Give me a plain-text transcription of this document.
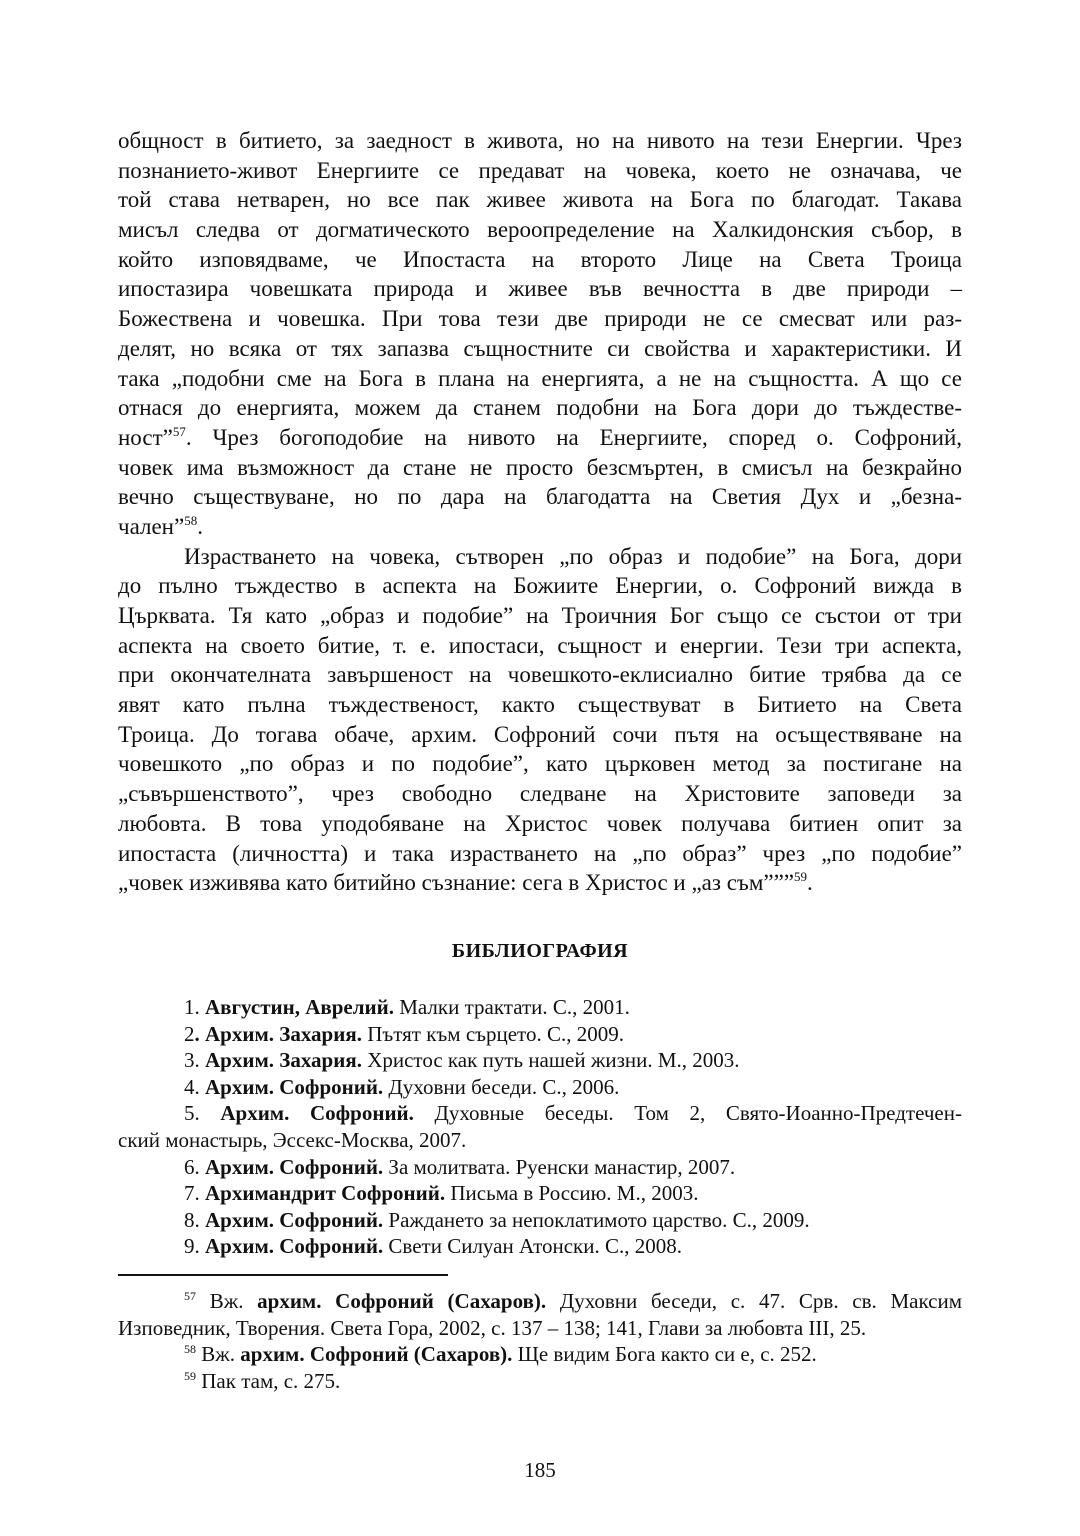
общност в битието, за заедност в живота, но на нивото на тези Енергии. Чрез
познанието-живот Енергиите се предават на човека, което не означава, че
той става нетварен, но все пак живее живота на Бога по благодат. Такава
мисъл следва от догматическото вероопределение на Халкидонския събор, в
който изповядваме, че Ипостаста на второто Лице на Света Троица
ипостазира човешката природа и живее във вечността в две природи –
Божествена и човешка. При това тези две природи не се смесват или раз-
делят, но всяка от тях запазва същностните си свойства и характеристики. И
така „подобни сме на Бога в плана на енергията, а не на същността. А що се
отнася до енергията, можем да станем подобни на Бога дори до тъждестве-
ност”$^{57}$. Чрез богоподобие на нивото на Енергиите, според о. Софроний,
човек има възможност да стане не просто безсмъртен, в смисъл на безкрайно
вечно съществуване, но по дара на благодатта на Светия Дух и „безна-
чален”$^{58}$.
Израстването на човека, сътворен „по образ и подобие” на Бога, дори
до пълно тъждество в аспекта на Божиите Енергии, о. Софроний вижда в
Църквата. Тя като „образ и подобие” на Троичния Бог също се състои от три
аспекта на своето битие, т. е. ипостаси, същност и енергии. Тези три аспекта,
при окончателната завършеност на човешкото-еклисиално битие трябва да се
явят като пълна тъждественост, както съществуват в Битието на Света
Троица. До тогава обаче, архим. Софроний сочи пътя на осъществяване на
човешкото „по образ и по подобие”, като църковен метод за постигане на
„съвършенството”, чрез свободно следване на Христовите заповеди за
любовта. В това уподобяване на Христос човек получава битиен опит за
ипостаста (личността) и така израстването на „по образ” чрез „по подобие”
„човек изживява като битийно съзнание: сега в Христос и „аз съм”””$^{59}$.
БИБЛИОГРАФИЯ
1. Августин, Аврелий. Малки трактати. С., 2001.
2. Архим. Захария. Пътят към сърцето. С., 2009.
3. Архим. Захария. Христос как путь нашей жизни. М., 2003.
4. Архим. Софроний. Духовни беседи. С., 2006.
5. Архим. Софроний. Духовные беседы. Том 2, Свято-Иоанно-Предтечен-
ский монастырь, Эссекс-Москва, 2007.
6. Архим. Софроний. За молитвата. Руенски манастир, 2007.
7. Архимандрит Софроний. Письма в Россию. М., 2003.
8. Архим. Софроний. Раждането за непоклатимото царство. С., 2009.
9. Архим. Софроний. Свети Силуан Атонски. С., 2008.
$^{57}$ Вж. архим. Софроний (Сахаров). Духовни беседи, с. 47. Срв. св. Максим
Изповедник, Творения. Света Гора, 2002, с. 137 – 138; 141, Глави за любовта III, 25.
$^{58}$ Вж. архим. Софроний (Сахаров). Ще видим Бога както си е, с. 252.
$^{59}$ Пак там, с. 275.
185
